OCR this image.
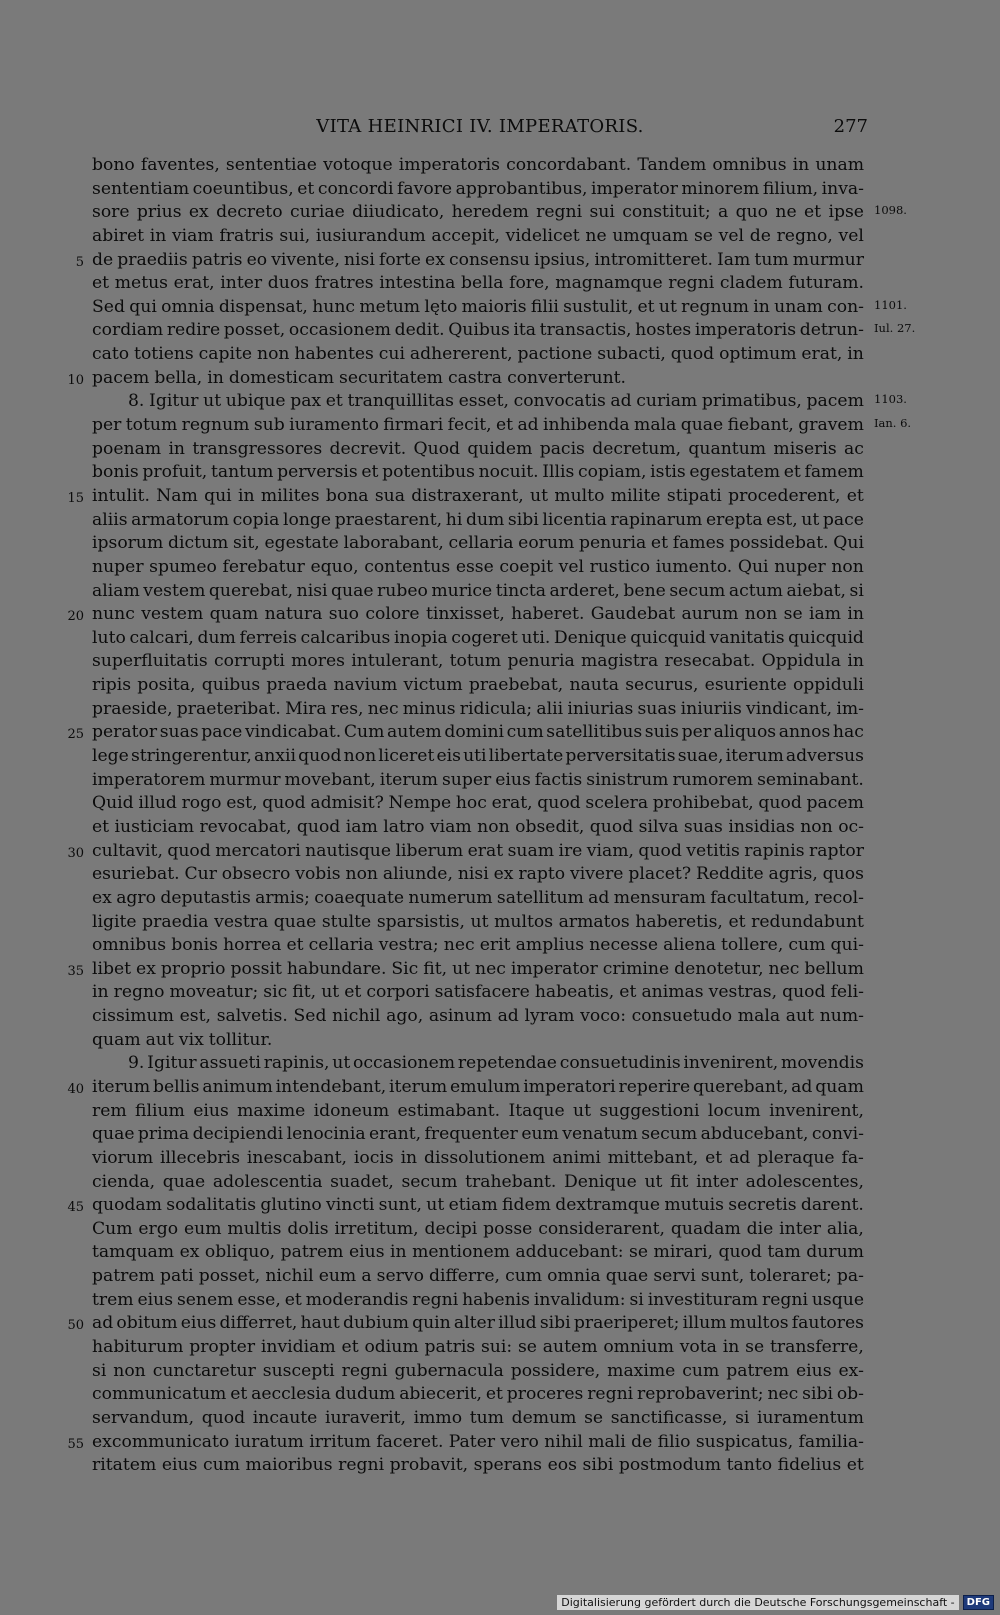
VITA HEINRICI IV. IMPERATORIS.	277
bono faventes, sententiae votoque imperatoris concordabant. Tandem omnibus in unam
sententiam coeuntibus, et concordi favore approbantibus, imperator minorem filium, inva-
sore prius ex decreto curiae diiudicato, heredem regni sui constituit; a quo ne et ipse 1098.
abiret in viam fratris sui, iusiurandum accepit, videlicet ne umquam se vel de regno, vel
de praediis patris eo vivente, nisi forte ex consensu ipsius, intromitteret. Iam tum murmur
5
et metus erat, inter duos fratres intestina bella fore, magnamque regni cladem futuram.
Sed qui omnia dispensat, hunc metum lęto maioris filii sustulit, et ut regnum in unam con- 1101.
cordiam redire posset, occasionem dedit. Quibus ita transactis, hostes imperatoris detrun- Iul. 27.
cato totiens capite non habentes cui adhererent, pactione subacti, quod optimum erat, in
pacem bella, in domesticam securitatem castra converterunt.
10
8. Igitur ut ubique pax et tranquillitas esset, convocatis ad curiam primatibus, pacem 1103.
per totum regnum sub iuramento firmari fecit, et ad inhibenda mala quae fiebant, gravem Ian. 6.
poenam in transgressores decrevit. Quod quidem pacis decretum, quantum miseris ac
bonis profuit, tantum perversis et potentibus nocuit. Illis copiam, istis egestatem et famem
intulit. Nam qui in milites bona sua distraxerant, ut multo milite stipati procederent, et
15
aliis armatorum copia longe praestarent, hi dum sibi licentia rapinarum erepta est, ut pace
ipsorum dictum sit, egestate laborabant, cellaria eorum penuria et fames possidebat. Qui
nuper spumeo ferebatur equo, contentus esse coepit vel rustico iumento. Qui nuper non
aliam vestem querebat, nisi quae rubeo murice tincta arderet, bene secum actum aiebat, si
nunc vestem quam natura suo colore tinxisset, haberet. Gaudebat aurum non se iam in
20
luto calcari, dum ferreis calcaribus inopia cogeret uti. Denique quicquid vanitatis quicquid
superfluitatis corrupti mores intulerant, totum penuria magistra resecabat. Oppidula in
ripis posita, quibus praeda navium victum praebebat, nauta securus, esuriente oppiduli
praeside, praeteribat. Mira res, nec minus ridicula; alii iniurias suas iniuriis vindicant, im-
perator suas pace vindicabat. Cum autem domini cum satellitibus suis per aliquos annos hac
25
lege stringerentur, anxii quod non liceret eis uti libertate perversitatis suae, iterum adversus
imperatorem murmur movebant, iterum super eius factis sinistrum rumorem seminabant.
Quid illud rogo est, quod admisit? Nempe hoc erat, quod scelera prohibebat, quod pacem
et iusticiam revocabat, quod iam latro viam non obsedit, quod silva suas insidias non oc-
cultavit, quod mercatori nautisque liberum erat suam ire viam, quod vetitis rapinis raptor
30
esuriebat. Cur obsecro vobis non aliunde, nisi ex rapto vivere placet? Reddite agris, quos
ex agro deputastis armis; coaequate numerum satellitum ad mensuram facultatum, recol-
ligite praedia vestra quae stulte sparsistis, ut multos armatos haberetis, et redundabunt
omnibus bonis horrea et cellaria vestra; nec erit amplius necesse aliena tollere, cum qui-
libet ex proprio possit habundare. Sic fit, ut nec imperator crimine denotetur, nec bellum
35
in regno moveatur; sic fit, ut et corpori satisfacere habeatis, et animas vestras, quod feli-
cissimum est, salvetis. Sed nichil ago, asinum ad lyram voco: consuetudo mala aut num-
quam aut vix tollitur.
9. Igitur assueti rapinis, ut occasionem repetendae consuetudinis invenirent, movendis
iterum bellis animum intendebant, iterum emulum imperatori reperire querebant, ad quam
40
rem filium eius maxime idoneum estimabant. Itaque ut suggestioni locum invenirent,
quae prima decipiendi lenocinia erant, frequenter eum venatum secum abducebant, convi-
viorum illecebris inescabant, iocis in dissolutionem animi mittebant, et ad pleraque fa-
cienda, quae adolescentia suadet, secum trahebant. Denique ut fit inter adolescentes,
quodam sodalitatis glutino vincti sunt, ut etiam fidem dextramque mutuis secretis darent.
45
Cum ergo eum multis dolis irretitum, decipi posse considerarent, quadam die inter alia,
tamquam ex obliquo, patrem eius in mentionem adducebant: se mirari, quod tam durum
patrem pati posset, nichil eum a servo differre, cum omnia quae servi sunt, toleraret; pa-
trem eius senem esse, et moderandis regni habenis invalidum: si investituram regni usque
ad obitum eius differret, haut dubium quin alter illud sibi praeriperet; illum multos fautores
50
habiturum propter invidiam et odium patris sui: se autem omnium vota in se transferre,
si non cunctaretur suscepti regni gubernacula possidere, maxime cum patrem eius ex-
communicatum et aecclesia dudum abiecerit, et proceres regni reprobaverint; nec sibi ob-
servandum, quod incaute iuraverit, immo tum demum se sanctificasse, si iuramentum
excommunicato iuratum irritum faceret. Pater vero nihil mali de filio suspicatus, familia-
55
ritatem eius cum maioribus regni probavit, sperans eos sibi postmodum tanto fidelius et
Digitalisierung gefördert durch die Deutsche Forschungsgemeinschaft -	DFG
